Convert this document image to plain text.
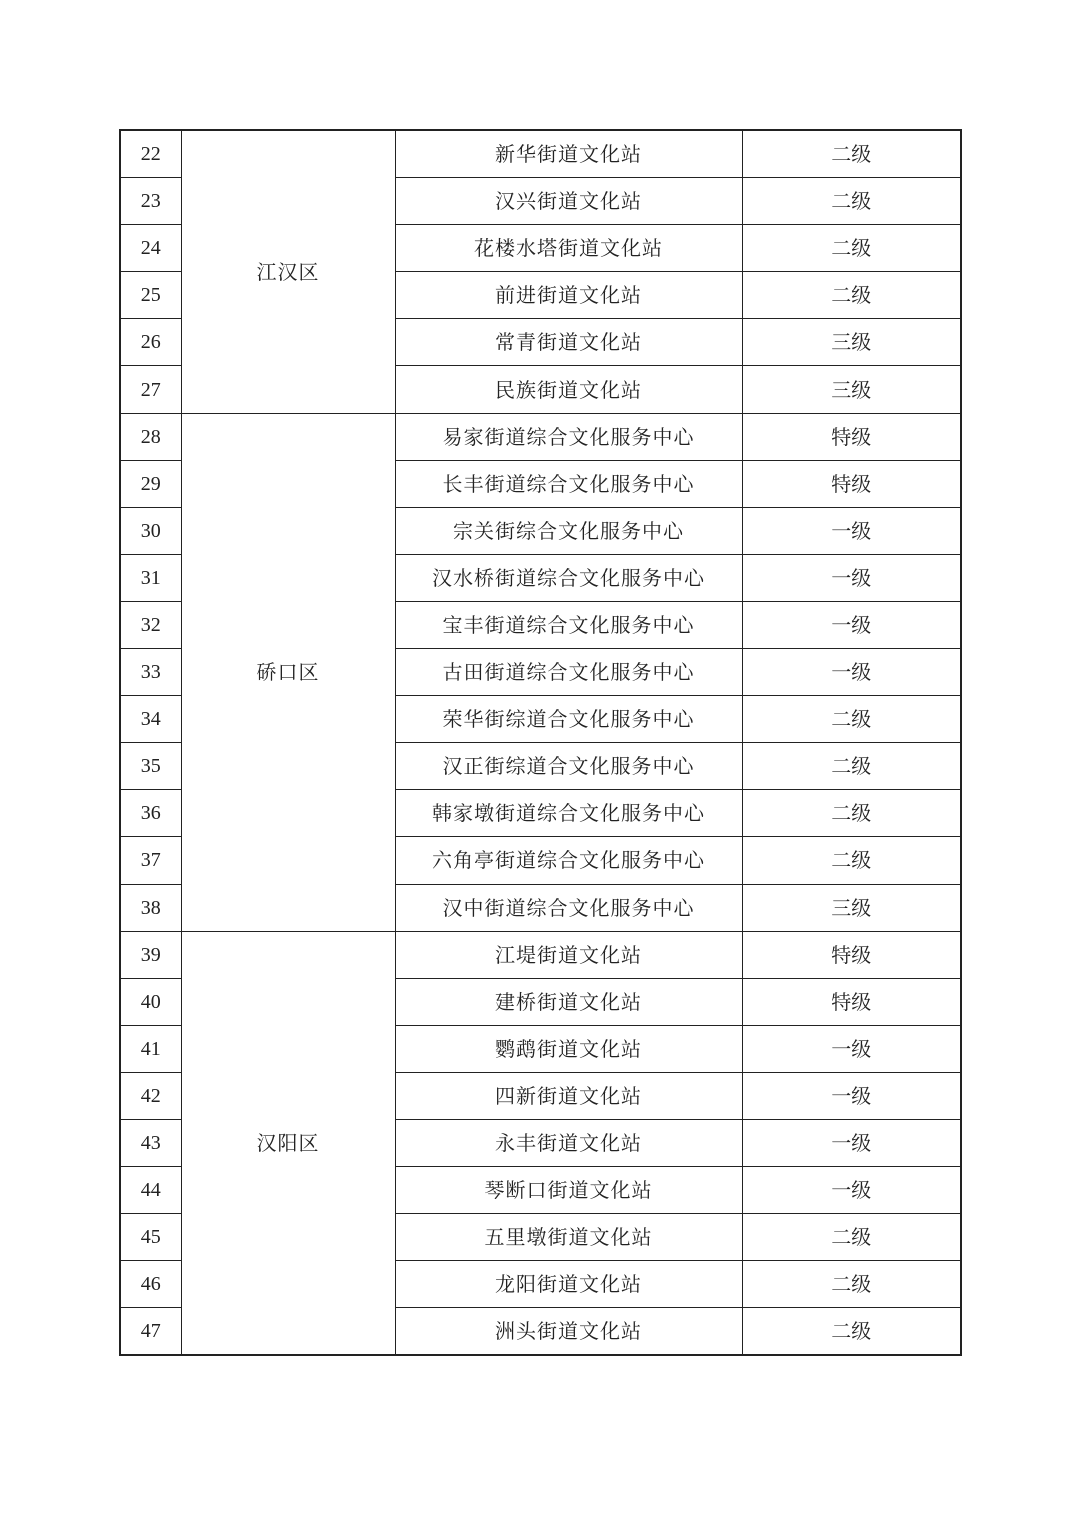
22	江汉区	新华街道文化站	二级
23		汉兴街道文化站	二级
24		花楼水塔街道文化站	二级
25		前进街道文化站	二级
26		常青街道文化站	三级
27		民族街道文化站	三级
28	硚口区	易家街道综合文化服务中心	特级
29		长丰街道综合文化服务中心	特级
30		宗关街综合文化服务中心	一级
31		汉水桥街道综合文化服务中心	一级
32		宝丰街道综合文化服务中心	一级
33		古田街道综合文化服务中心	一级
34		荣华街综道合文化服务中心	二级
35		汉正街综道合文化服务中心	二级
36		韩家墩街道综合文化服务中心	二级
37		六角亭街道综合文化服务中心	二级
38		汉中街道综合文化服务中心	三级
39	汉阳区	江堤街道文化站	特级
40		建桥街道文化站	特级
41		鹦鹉街道文化站	一级
42		四新街道文化站	一级
43		永丰街道文化站	一级
44		琴断口街道文化站	一级
45		五里墩街道文化站	二级
46		龙阳街道文化站	二级
47		洲头街道文化站	二级
